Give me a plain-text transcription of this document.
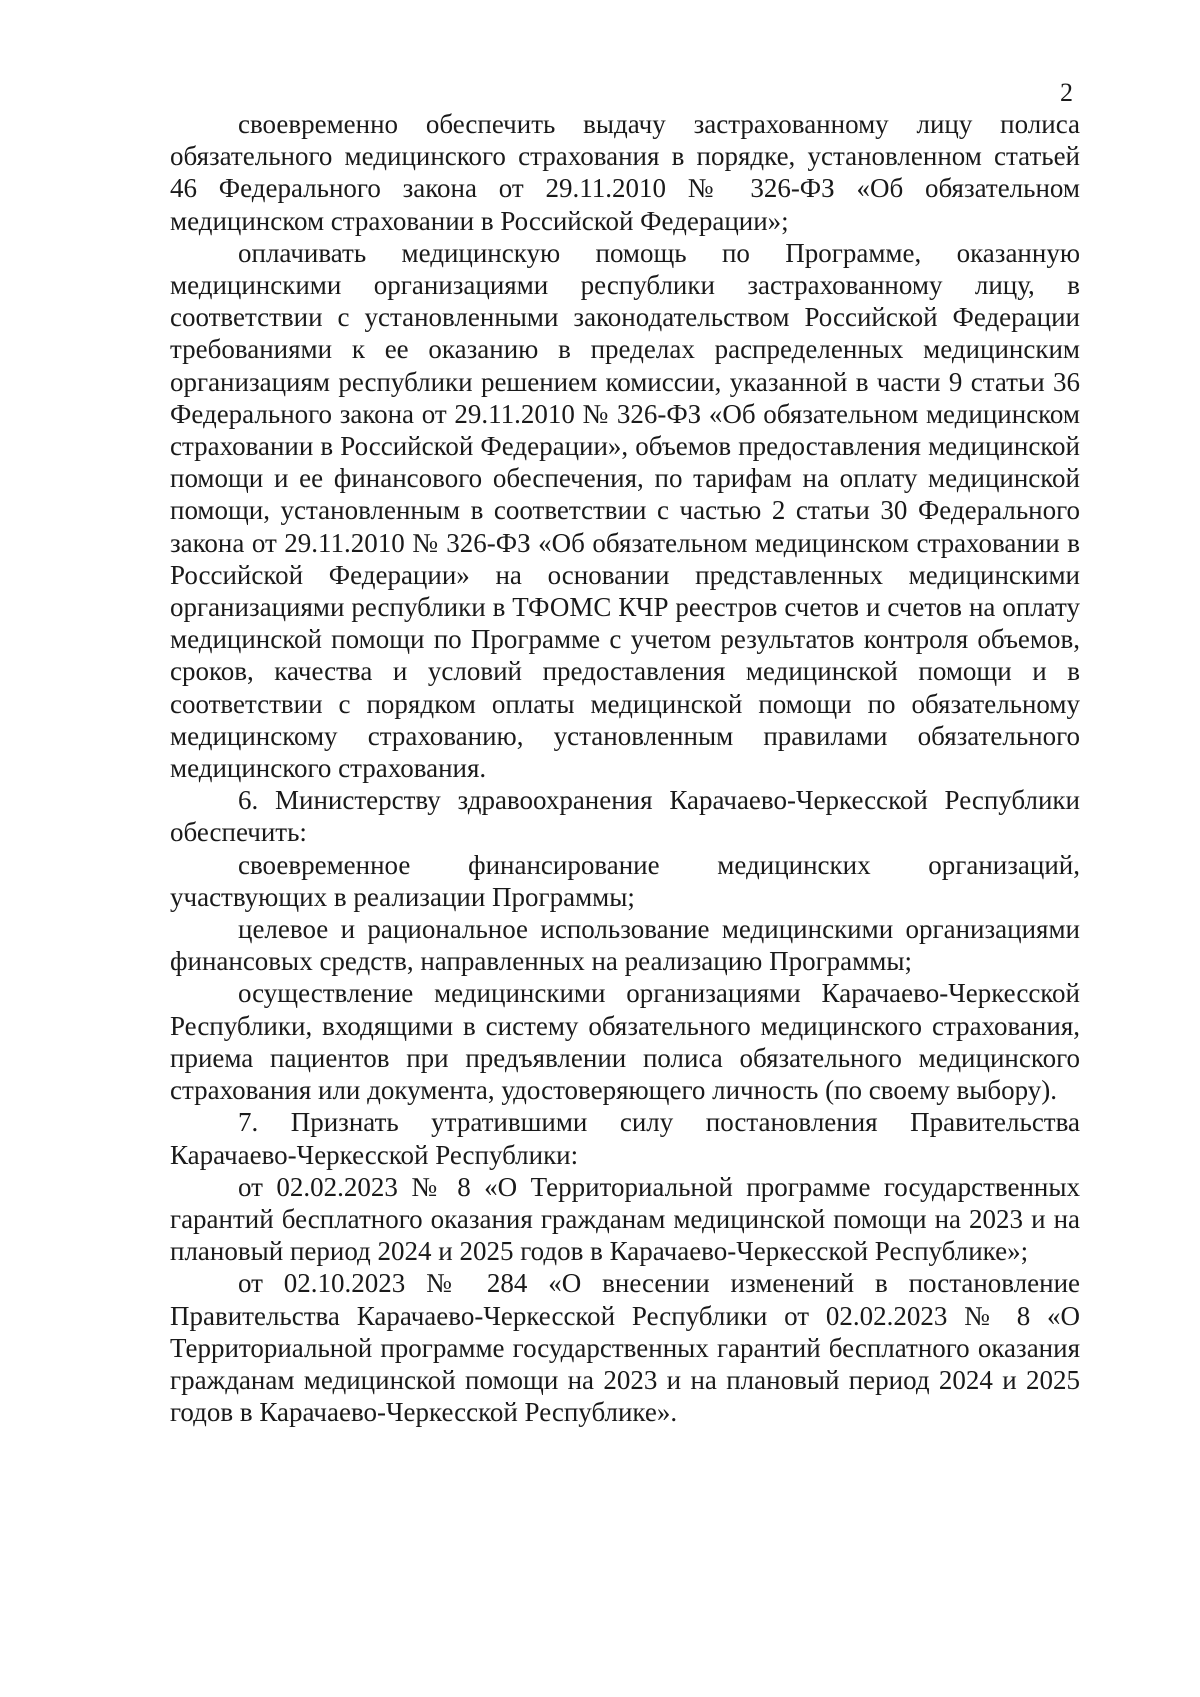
2

своевременно обеспечить выдачу застрахованному лицу полиса обязательного медицинского страхования в порядке, установленном статьей 46 Федерального закона от 29.11.2010 № 326-ФЗ «Об обязательном медицинском страховании в Российской Федерации»;

оплачивать медицинскую помощь по Программе, оказанную медицинскими организациями республики застрахованному лицу, в соответствии с установленными законодательством Российской Федерации требованиями к ее оказанию в пределах распределенных медицинским организациям республики решением комиссии, указанной в части 9 статьи 36 Федерального закона от 29.11.2010 № 326-ФЗ «Об обязательном медицинском страховании в Российской Федерации», объемов предоставления медицинской помощи и ее финансового обеспечения, по тарифам на оплату медицинской помощи, установленным в соответствии с частью 2 статьи 30 Федерального закона от 29.11.2010 № 326-ФЗ «Об обязательном медицинском страховании в Российской Федерации» на основании представленных медицинскими организациями республики в ТФОМС КЧР реестров счетов и счетов на оплату медицинской помощи по Программе с учетом результатов контроля объемов, сроков, качества и условий предоставления медицинской помощи и в соответствии с порядком оплаты медицинской помощи по обязательному медицинскому страхованию, установленным правилами обязательного медицинского страхования.

6. Министерству здравоохранения Карачаево-Черкесской Республики обеспечить:

своевременное финансирование медицинских организаций, участвующих в реализации Программы;

целевое и рациональное использование медицинскими организациями финансовых средств, направленных на реализацию Программы;

осуществление медицинскими организациями Карачаево-Черкесской Республики, входящими в систему обязательного медицинского страхования, приема пациентов при предъявлении полиса обязательного медицинского страхования или документа, удостоверяющего личность (по своему выбору).

7. Признать утратившими силу постановления Правительства Карачаево-Черкесской Республики:

от 02.02.2023 № 8 «О Территориальной программе государственных гарантий бесплатного оказания гражданам медицинской помощи на 2023 и на плановый период 2024 и 2025 годов в Карачаево-Черкесской Республике»;

от 02.10.2023 № 284 «О внесении изменений в постановление Правительства Карачаево-Черкесской Республики от 02.02.2023 № 8 «О Территориальной программе государственных гарантий бесплатного оказания гражданам медицинской помощи на 2023 и на плановый период 2024 и 2025 годов в Карачаево-Черкесской Республике».
